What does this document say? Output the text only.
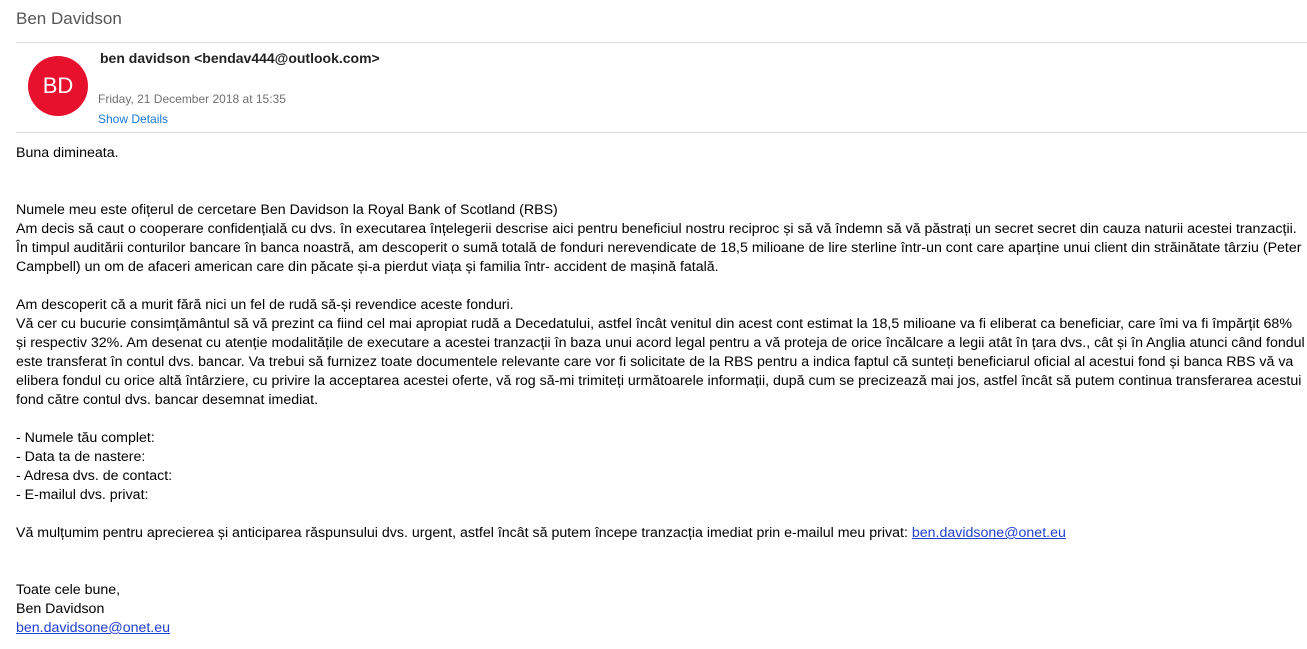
Ben Davidson
BD
ben davidson <bendav444@outlook.com>
Friday, 21 December 2018 at 15:35
Show Details

Buna dimineata.

Numele meu este ofițerul de cercetare Ben Davidson la Royal Bank of Scotland (RBS)

Am decis să caut o cooperare confidențială cu dvs. în executarea înțelegerii descrise aici pentru beneficiul nostru reciproc și să vă îndemn să vă păstrați un secret secret din cauza naturii acestei tranzacții. În timpul auditării conturilor bancare în banca noastră, am descoperit o sumă totală de fonduri nerevendicate de 18,5 milioane de lire sterline într-un cont care aparține unui client din străinătate târziu (Peter Campbell) un om de afaceri american care din păcate și-a pierdut viața și familia într- accident de mașină fatală.

Am descoperit că a murit fără nici un fel de rudă să-și revendice aceste fonduri.

Vă cer cu bucurie consimțământul să vă prezint ca fiind cel mai apropiat rudă a Decedatului, astfel încât venitul din acest cont estimat la 18,5 milioane va fi eliberat ca beneficiar, care îmi va fi împărțit 68% și respectiv 32%. Am desenat cu atenție modalitățile de executare a acestei tranzacții în baza unui acord legal pentru a vă proteja de orice încălcare a legii atât în țara dvs., cât și în Anglia atunci când fondul este transferat în contul dvs. bancar. Va trebui să furnizez toate documentele relevante care vor fi solicitate de la RBS pentru a indica faptul că sunteți beneficiarul oficial al acestui fond și banca RBS vă va elibera fondul cu orice altă întârziere, cu privire la acceptarea acestei oferte, vă rog să-mi trimiteți următoarele informații, după cum se precizează mai jos, astfel încât să putem continua transferarea acestui fond către contul dvs. bancar desemnat imediat.

- Numele tău complet:

- Data ta de nastere:

- Adresa dvs. de contact:

- E-mailul dvs. privat:

Vă mulțumim pentru aprecierea și anticiparea răspunsului dvs. urgent, astfel încât să putem începe tranzacția imediat prin e-mailul meu privat: ben.davidsone@onet.eu

Toate cele bune,

Ben Davidson

ben.davidsone@onet.eu
